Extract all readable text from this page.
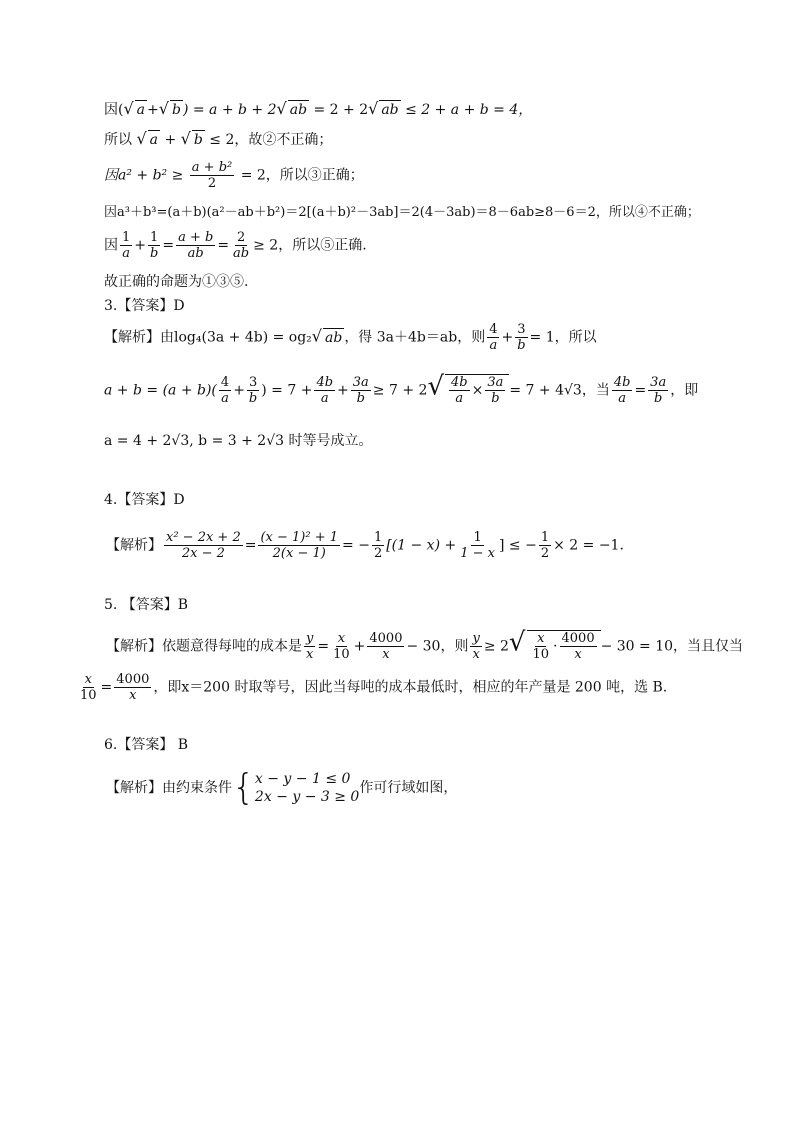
因(√ a +√ b ) = a + b + 2√ ab = 2 + 2√ ab ≤ 2 + a + b = 4，
所以 √ a + √ b ≤ 2，故②不正确；
因$a^2 + b^2 \ge \frac{\text{a + b²}}{2} = 2$，所以③正确；
因a³＋b³=(a＋b)(a²－ab＋b²)＝2[(a＋b)²－3ab]＝2(4－3ab)＝8－6ab≥8－6＝2，所以④不正确；
因 $\frac{1}{a} + \frac{1}{b} = \frac{a + b}{ab} = \frac{2}{ab} \ge 2$，所以⑤正确.
故正确的命题为①③⑤.
3.【答案】D
【解析】由log₄(3a + 4b) = og₂√ ab ，得 3a＋4b＝ab，则 $\frac{4}{a} + \frac{3}{b} = 1$，所以
$a + b = (a + b)( \frac{4}{a} + \frac{3}{b}$ ) = $7 + \frac{4b}{a} + \frac{3a}{b} \ge 7 + 2√ \frac{4b}{a} \times \frac{3a}{b} = 7 + 4√3$，当 $\frac{4b}{a} = \frac{3a}{b}$ ，即
a = 4 + 2√3, b = 3 + 2√3 时等号成立。
4.【答案】D
【解析】 $\frac{\text{x² − 2x + 2}}{2x - 2} = \frac{\text{(x − 1)² + 1}}{2(x - 1)}$ = − $\frac{1}{2} [(1 - x) + \frac{1}{1 - x}$ ] ≤ − $\frac{1}{2} \times 2 = -1$.
5. 【答案】B
【解析】依题意得每吨的成本是 $\frac{y}{x} = \frac{x}{10} + \frac{4000}{x} - 30$，则 $\frac{y}{x} \ge 2√ \frac{x}{10} \cdot \frac{4000}{x} - 30 = 10$，当且仅当
$\frac{x}{10} = \frac{4000}{x}$ ，即x＝200 时取等号，因此当每吨的成本最低时，相应的年产量是 200 吨，选 B.
6.【答案】 B
【解析】由约束条件 { x − y − 1 ≤ 0
2x − y − 3 ≥ 0
作可行域如图，
